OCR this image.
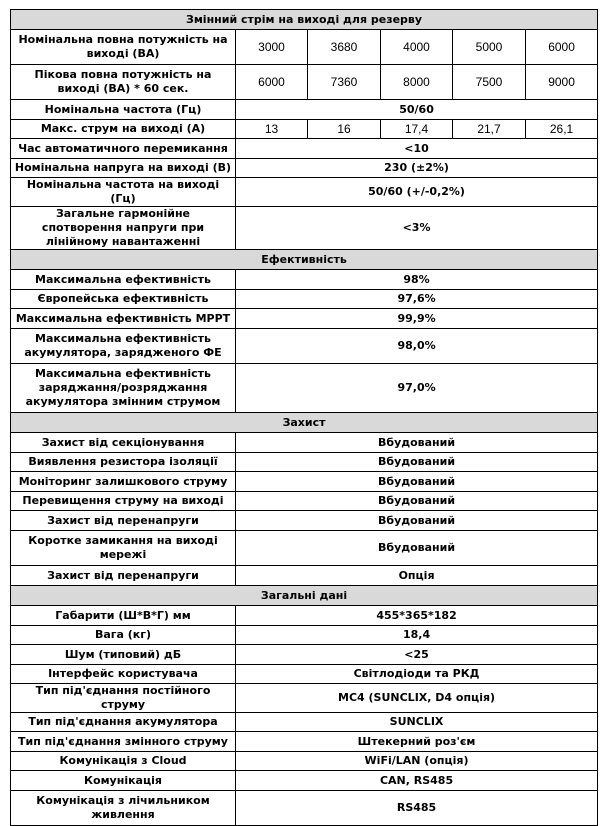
Змінний стрім на виході для резерву					
Номінальна повна потужність на виході (ВА)	3000	3680	4000	5000	6000
Пікова повна потужність на виході (ВА) * 60 сек.	6000	7360	8000	7500	9000
Номінальна частота (Гц)	50/60				
Макс. струм на виході (А)	13	16	17,4	21,7	26,1
Час автоматичного перемикання	<10				
Номінальна напруга на виході (В)	230 (±2%)				
Номінальна частота на виході (Гц)	50/60 (+/-0,2%)				
Загальне гармонійне спотворення напруги при лінійному навантаженні	<3%				
Ефективність					
Максимальна ефективність	98%				
Європейська ефективність	97,6%				
Максимальна ефективність МРРТ	99,9%				
Максимальна ефективність акумулятора, зарядженого ФЕ	98,0%				
Максимальна ефективність заряджання/розряджання акумулятора змінним струмом	97,0%				
Захист					
Захист від секціонування	Вбудований				
Виявлення резистора ізоляції	Вбудований				
Моніторинг залишкового струму	Вбудований				
Перевищення струму на виході	Вбудований				
Захист від перенапруги	Вбудований				
Коротке замикання на виході мережі	Вбудований				
Захист від перенапруги	Опція				
Загальні дані					
Габарити (Ш*В*Г) мм	455*365*182				
Вага (кг)	18,4				
Шум (типовий) дБ	<25				
Інтерфейс користувача	Світлодіоди та РКД				
Тип під'єднання постійного струму	MC4 (SUNCLIX, D4 опція)				
Тип під'єднання акумулятора	SUNCLIX				
Тип під'єднання змінного струму	Штекерний роз'єм				
Комунікація з Cloud	WiFi/LAN (опція)				
Комунікація	CAN, RS485				
Комунікація з лічильником живлення	RS485				
